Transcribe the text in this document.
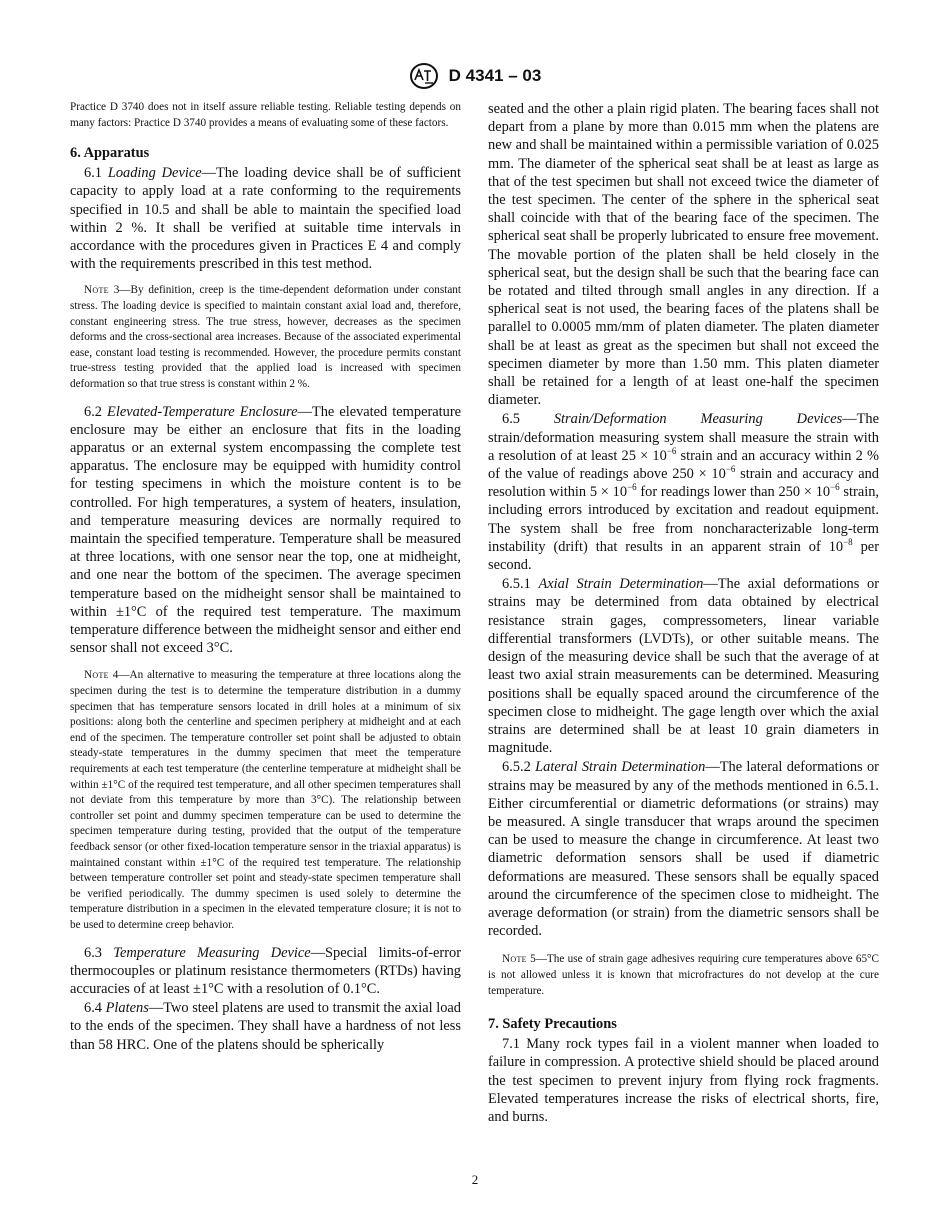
D 4341 – 03

Practice D 3740 does not in itself assure reliable testing. Reliable testing depends on many factors: Practice D 3740 provides a means of evaluating some of these factors.

6. Apparatus

6.1 Loading Device—The loading device shall be of sufficient capacity to apply load at a rate conforming to the requirements specified in 10.5 and shall be able to maintain the specified load within 2 %. It shall be verified at suitable time intervals in accordance with the procedures given in Practices E 4 and comply with the requirements prescribed in this test method.

Note 3—By definition, creep is the time-dependent deformation under constant stress. The loading device is specified to maintain constant axial load and, therefore, constant engineering stress. The true stress, however, decreases as the specimen deforms and the cross-sectional area increases. Because of the associated experimental ease, constant load testing is recommended. However, the procedure permits constant true-stress testing provided that the applied load is increased with specimen deformation so that true stress is constant within 2 %.

6.2 Elevated-Temperature Enclosure—The elevated temperature enclosure may be either an enclosure that fits in the loading apparatus or an external system encompassing the complete test apparatus. The enclosure may be equipped with humidity control for testing specimens in which the moisture content is to be controlled. For high temperatures, a system of heaters, insulation, and temperature measuring devices are normally required to maintain the specified temperature. Temperature shall be measured at three locations, with one sensor near the top, one at midheight, and one near the bottom of the specimen. The average specimen temperature based on the midheight sensor shall be maintained to within ±1°C of the required test temperature. The maximum temperature difference between the midheight sensor and either end sensor shall not exceed 3°C.

Note 4—An alternative to measuring the temperature at three locations along the specimen during the test is to determine the temperature distribution in a dummy specimen that has temperature sensors located in drill holes at a minimum of six positions: along both the centerline and specimen periphery at midheight and at each end of the specimen. The temperature controller set point shall be adjusted to obtain steady-state temperatures in the dummy specimen that meet the temperature requirements at each test temperature (the centerline temperature at midheight shall be within ±1°C of the required test temperature, and all other specimen temperatures shall not deviate from this temperature by more than 3°C). The relationship between controller set point and dummy specimen temperature can be used to determine the specimen temperature during testing, provided that the output of the temperature feedback sensor (or other fixed-location temperature sensor in the triaxial apparatus) is maintained constant within ±1°C of the required test temperature. The relationship between temperature controller set point and steady-state specimen temperature shall be verified periodically. The dummy specimen is used solely to determine the temperature distribution in a specimen in the elevated temperature closure; it is not to be used to determine creep behavior.

6.3 Temperature Measuring Device—Special limits-of-error thermocouples or platinum resistance thermometers (RTDs) having accuracies of at least ±1°C with a resolution of 0.1°C.

6.4 Platens—Two steel platens are used to transmit the axial load to the ends of the specimen. They shall have a hardness of not less than 58 HRC. One of the platens should be spherically

seated and the other a plain rigid platen. The bearing faces shall not depart from a plane by more than 0.015 mm when the platens are new and shall be maintained within a permissible variation of 0.025 mm. The diameter of the spherical seat shall be at least as large as that of the test specimen but shall not exceed twice the diameter of the test specimen. The center of the sphere in the spherical seat shall coincide with that of the bearing face of the specimen. The spherical seat shall be properly lubricated to ensure free movement. The movable portion of the platen shall be held closely in the spherical seat, but the design shall be such that the bearing face can be rotated and tilted through small angles in any direction. If a spherical seat is not used, the bearing faces of the platens shall be parallel to 0.0005 mm/mm of platen diameter. The platen diameter shall be at least as great as the specimen but shall not exceed the specimen diameter by more than 1.50 mm. This platen diameter shall be retained for a length of at least one-half the specimen diameter.

6.5 Strain/Deformation Measuring Devices—The strain/deformation measuring system shall measure the strain with a resolution of at least $25 \times 10^{-6}$ strain and an accuracy within 2 % of the value of readings above $250 \times 10^{-6}$ strain and accuracy and resolution within $5 \times 10^{-6}$ for readings lower than $250 \times 10^{-6}$ strain, including errors introduced by excitation and readout equipment. The system shall be free from noncharacterizable long-term instability (drift) that results in an apparent strain of $10^{-8}$ per second.

6.5.1 Axial Strain Determination—The axial deformations or strains may be determined from data obtained by electrical resistance strain gages, compressometers, linear variable differential transformers (LVDTs), or other suitable means. The design of the measuring device shall be such that the average of at least two axial strain measurements can be determined. Measuring positions shall be equally spaced around the circumference of the specimen close to midheight. The gage length over which the axial strains are determined shall be at least 10 grain diameters in magnitude.

6.5.2 Lateral Strain Determination—The lateral deformations or strains may be measured by any of the methods mentioned in 6.5.1. Either circumferential or diametric deformations (or strains) may be measured. A single transducer that wraps around the specimen can be used to measure the change in circumference. At least two diametric deformation sensors shall be used if diametric deformations are measured. These sensors shall be equally spaced around the circumference of the specimen close to midheight. The average deformation (or strain) from the diametric sensors shall be recorded.

Note 5—The use of strain gage adhesives requiring cure temperatures above 65°C is not allowed unless it is known that microfractures do not develop at the cure temperature.

7. Safety Precautions

7.1 Many rock types fail in a violent manner when loaded to failure in compression. A protective shield should be placed around the test specimen to prevent injury from flying rock fragments. Elevated temperatures increase the risks of electrical shorts, fire, and burns.

2
